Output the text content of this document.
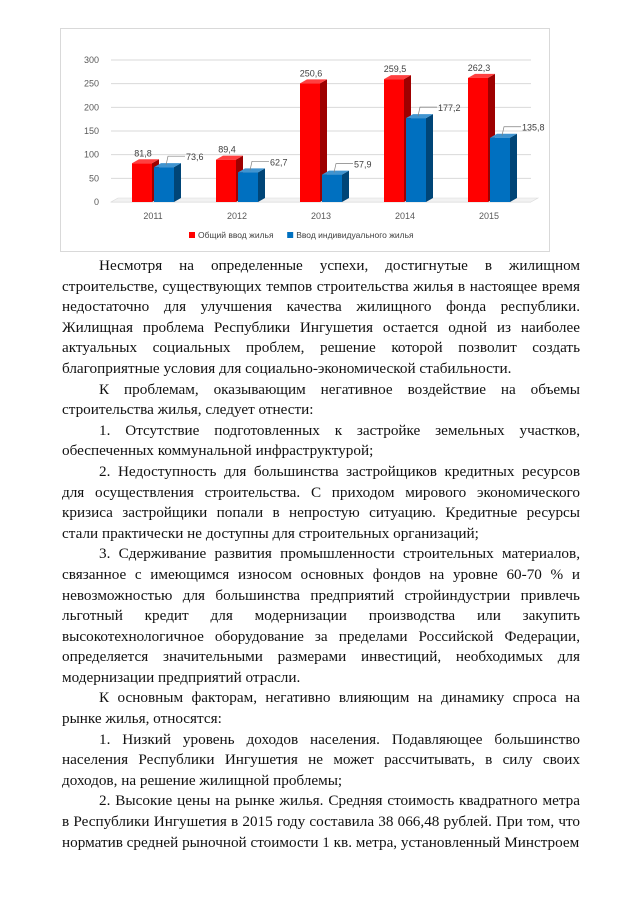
0
50
100
150
200
250
300
81,8	73,6
2011
89,4
62,7
2012
250,6
57,9
2013
259,5
177,2
2014
262,3
135,8
2015
Общий ввод жилья	Ввод индивидуального жилья

Несмотря на определенные успехи, достигнутые в жилищном строительстве, существующих темпов строительства жилья в настоящее время недостаточно для улучшения качества жилищного фонда республики. Жилищная проблема Республики Ингушетия остается одной из наиболее актуальных социальных проблем, решение которой позволит создать благоприятные условия для социально-экономической стабильности.

К проблемам, оказывающим негативное воздействие на объемы строительства жилья, следует отнести:

1. Отсутствие подготовленных к застройке земельных участков, обеспеченных коммунальной инфраструктурой;

2. Недоступность для большинства застройщиков кредитных ресурсов для осуществления строительства. С приходом мирового экономического кризиса застройщики попали в непростую ситуацию. Кредитные ресурсы стали практически не доступны для строительных организаций;

3. Сдерживание развития промышленности строительных материалов, связанное с имеющимся износом основных фондов на уровне 60-70 % и невозможностью для большинства предприятий стройиндустрии привлечь льготный кредит для модернизации производства или закупить высокотехнологичное оборудование за пределами Российской Федерации, определяется значительными размерами инвестиций, необходимых для модернизации предприятий отрасли.

К основным факторам, негативно влияющим на динамику спроса на рынке жилья, относятся:

1. Низкий уровень доходов населения. Подавляющее большинство населения Республики Ингушетия не может рассчитывать, в силу своих доходов, на решение жилищной проблемы;

2. Высокие цены на рынке жилья. Средняя стоимость квадратного метра в Республики Ингушетия в 2015 году составила 38 066,48 рублей. При том, что норматив средней рыночной стоимости 1 кв. метра, установленный Минстроем
